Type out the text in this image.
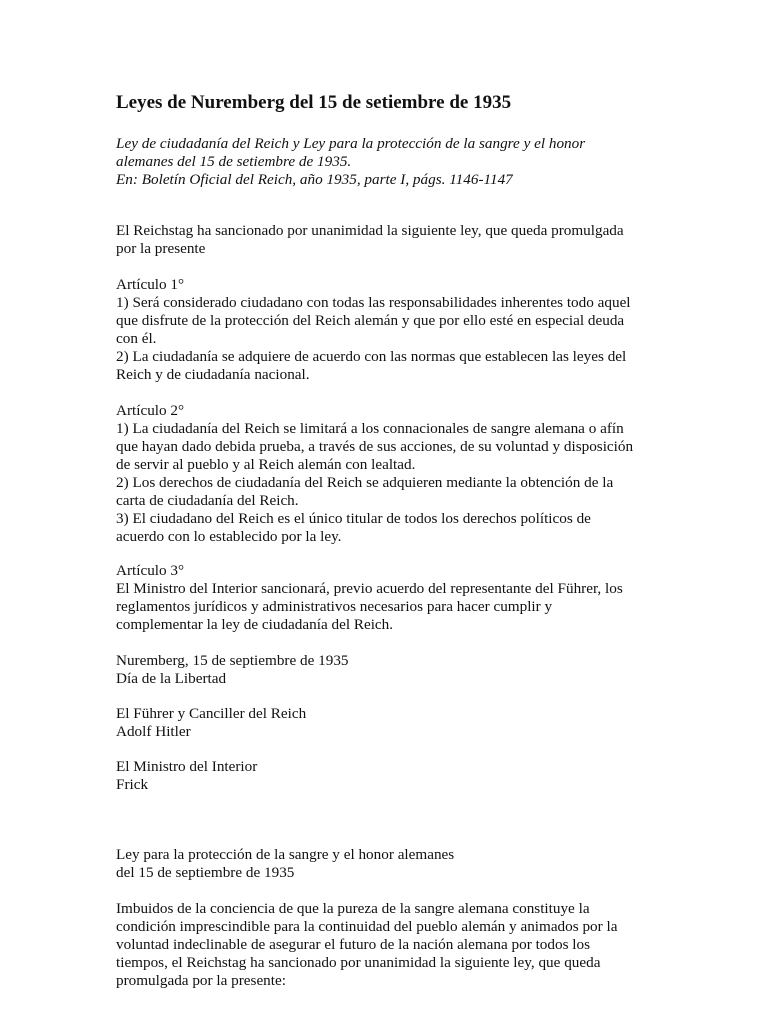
Leyes de Nuremberg del 15 de setiembre de 1935
Ley de ciudadanía del Reich y Ley para la protección de la sangre y el honor
alemanes del 15 de setiembre de 1935.
En: Boletín Oficial del Reich, año 1935, parte I, págs. 1146-1147
El Reichstag ha sancionado por unanimidad la siguiente ley, que queda promulgada
por la presente
Artículo 1°
1) Será considerado ciudadano con todas las responsabilidades inherentes todo aquel
que disfrute de la protección del Reich alemán y que por ello esté en especial deuda
con él.
2) La ciudadanía se adquiere de acuerdo con las normas que establecen las leyes del
Reich y de ciudadanía nacional.
Artículo 2°
1) La ciudadanía del Reich se limitará a los connacionales de sangre alemana o afín
que hayan dado debida prueba, a través de sus acciones, de su voluntad y disposición
de servir al pueblo y al Reich alemán con lealtad.
2) Los derechos de ciudadanía del Reich se adquieren mediante la obtención de la
carta de ciudadanía del Reich.
3) El ciudadano del Reich es el único titular de todos los derechos políticos de
acuerdo con lo establecido por la ley.
Artículo 3°
El Ministro del Interior sancionará, previo acuerdo del representante del Führer, los
reglamentos jurídicos y administrativos necesarios para hacer cumplir y
complementar la ley de ciudadanía del Reich.
Nuremberg, 15 de septiembre de 1935
Día de la Libertad
El Führer y Canciller del Reich
Adolf Hitler
El Ministro del Interior
Frick
Ley para la protección de la sangre y el honor alemanes
del 15 de septiembre de 1935
Imbuidos de la conciencia de que la pureza de la sangre alemana constituye la
condición imprescindible para la continuidad del pueblo alemán y animados por la
voluntad indeclinable de asegurar el futuro de la nación alemana por todos los
tiempos, el Reichstag ha sancionado por unanimidad la siguiente ley, que queda
promulgada por la presente:
